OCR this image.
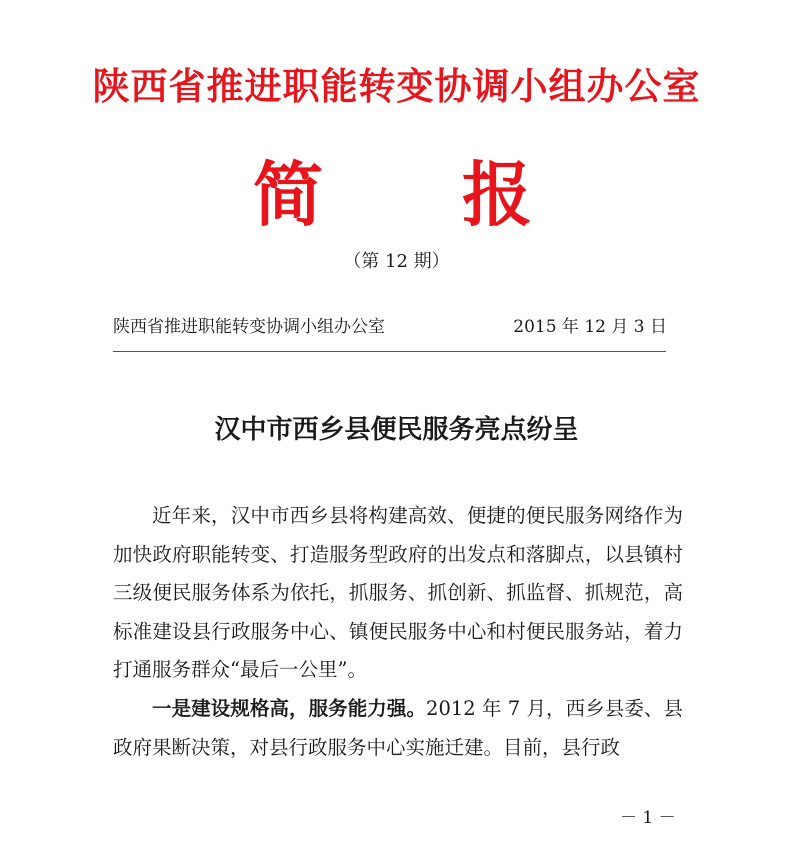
陕西省推进职能转变协调小组办公室
简 报
（第 12 期）
陕西省推进职能转变协调小组办公室	2015 年 12 月 3 日
汉中市西乡县便民服务亮点纷呈

近年来，汉中市西乡县将构建高效、便捷的便民服务网络作为加快政府职能转变、打造服务型政府的出发点和落脚点，以县镇村三级便民服务体系为依托，抓服务、抓创新、抓监督、抓规范，高标准建设县行政服务中心、镇便民服务中心和村便民服务站，着力打通服务群众“最后一公里”。

一是建设规格高，服务能力强。2012 年 7 月，西乡县委、县政府果断决策，对县行政服务中心实施迁建。目前，县行政

－ 1 －
